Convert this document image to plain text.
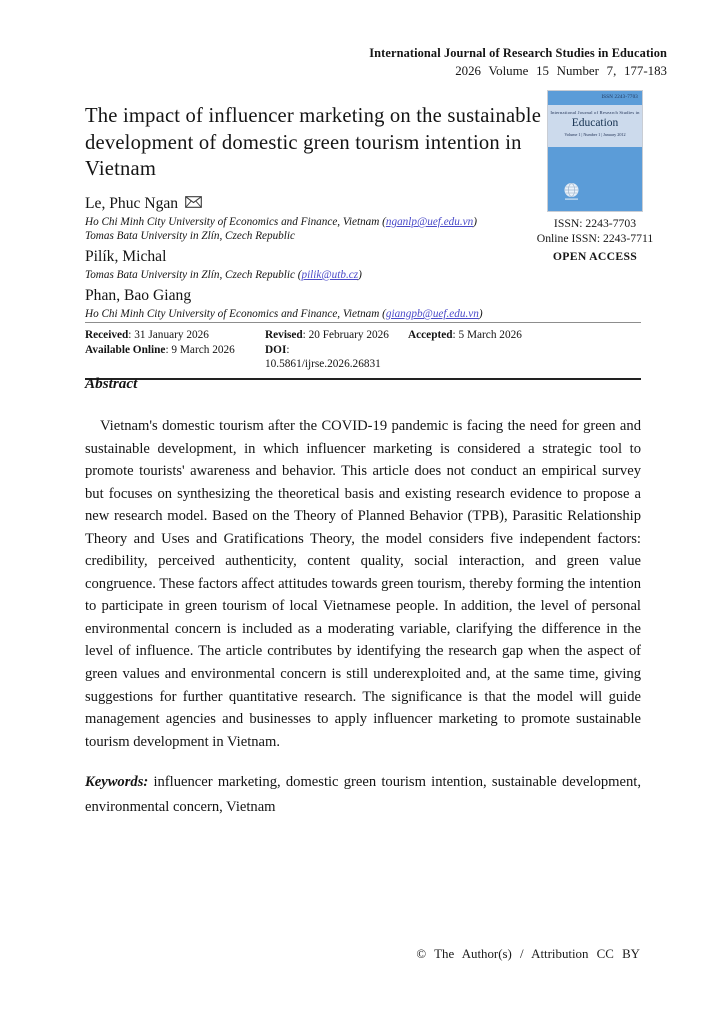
International Journal of Research Studies in Education
2026 Volume 15 Number 7, 177-183
The impact of influencer marketing on the sustainable development of domestic green tourism intention in Vietnam
ISSN 2243-7703
International Journal of Research Studies in
Education
Volume 1 | Number 1 | January 2012
ISSN: 2243-7703
Online ISSN: 2243-7711
OPEN ACCESS
Le, Phuc Ngan
Ho Chi Minh City University of Economics and Finance, Vietnam (nganlp@uef.edu.vn)
Tomas Bata University in Zlín, Czech Republic
Pilík, Michal
Tomas Bata University in Zlín, Czech Republic (pilik@utb.cz)
Phan, Bao Giang
Ho Chi Minh City University of Economics and Finance, Vietnam (giangpb@uef.edu.vn)
Received: 31 January 2026	Revised: 20 February 2026	Accepted: 5 March 2026
Available Online: 9 March 2026	DOI: 10.5861/ijrse.2026.26831
Abstract
Vietnam's domestic tourism after the COVID-19 pandemic is facing the need for green and sustainable development, in which influencer marketing is considered a strategic tool to promote tourists' awareness and behavior. This article does not conduct an empirical survey but focuses on synthesizing the theoretical basis and existing research evidence to propose a new research model. Based on the Theory of Planned Behavior (TPB), Parasitic Relationship Theory and Uses and Gratifications Theory, the model considers five independent factors: credibility, perceived authenticity, content quality, social interaction, and green value congruence. These factors affect attitudes towards green tourism, thereby forming the intention to participate in green tourism of local Vietnamese people. In addition, the level of personal environmental concern is included as a moderating variable, clarifying the difference in the level of influence. The article contributes by identifying the research gap when the aspect of green values and environmental concern is still underexploited and, at the same time, giving suggestions for further quantitative research. The significance is that the model will guide management agencies and businesses to apply influencer marketing to promote sustainable tourism development in Vietnam.
Keywords: influencer marketing, domestic green tourism intention, sustainable development, environmental concern, Vietnam
© The Author(s) / Attribution CC BY
